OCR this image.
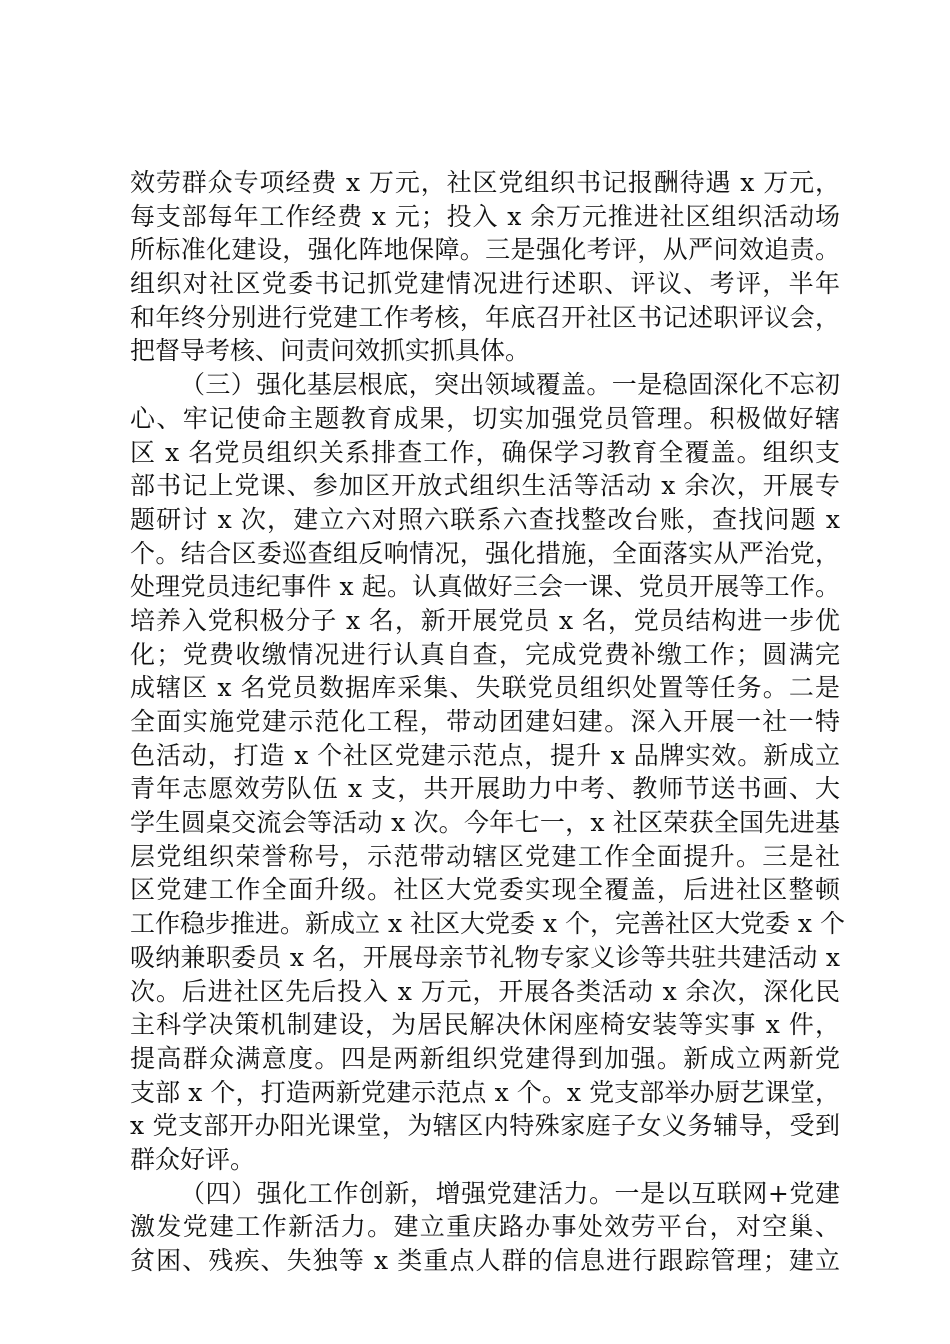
效劳群众专项经费 x 万元，社区党组织书记报酬待遇 x 万元，
每支部每年工作经费 x 元；投入 x 余万元推进社区组织活动场
所标准化建设，强化阵地保障。三是强化考评，从严问效追责。
组织对社区党委书记抓党建情况进行述职、评议、考评，半年
和年终分别进行党建工作考核，年底召开社区书记述职评议会，
把督导考核、问责问效抓实抓具体。
（三）强化基层根底，突出领域覆盖。一是稳固深化不忘初
心、牢记使命主题教育成果，切实加强党员管理。积极做好辖
区 x 名党员组织关系排查工作，确保学习教育全覆盖。组织支
部书记上党课、参加区开放式组织生活等活动 x 余次，开展专
题研讨 x 次，建立六对照六联系六查找整改台账，查找问题 x
个。结合区委巡查组反响情况，强化措施，全面落实从严治党，
处理党员违纪事件 x 起。认真做好三会一课、党员开展等工作。
培养入党积极分子 x 名，新开展党员 x 名，党员结构进一步优
化；党费收缴情况进行认真自查，完成党费补缴工作；圆满完
成辖区 x 名党员数据库采集、失联党员组织处置等任务。二是
全面实施党建示范化工程，带动团建妇建。深入开展一社一特
色活动，打造 x 个社区党建示范点，提升 x 品牌实效。新成立
青年志愿效劳队伍 x 支，共开展助力中考、教师节送书画、大
学生圆桌交流会等活动 x 次。今年七一，x 社区荣获全国先进基
层党组织荣誉称号，示范带动辖区党建工作全面提升。三是社
区党建工作全面升级。社区大党委实现全覆盖，后进社区整顿
工作稳步推进。新成立 x 社区大党委 x 个，完善社区大党委 x 个
吸纳兼职委员 x 名，开展母亲节礼物专家义诊等共驻共建活动 x
次。后进社区先后投入 x 万元，开展各类活动 x 余次，深化民
主科学决策机制建设，为居民解决休闲座椅安装等实事 x 件，
提高群众满意度。四是两新组织党建得到加强。新成立两新党
支部 x 个，打造两新党建示范点 x 个。x 党支部举办厨艺课堂，
x 党支部开办阳光课堂，为辖区内特殊家庭子女义务辅导，受到
群众好评。
（四）强化工作创新，增强党建活力。一是以互联网+党建
激发党建工作新活力。建立重庆路办事处效劳平台，对空巢、
贫困、残疾、失独等 x 类重点人群的信息进行跟踪管理；建立
